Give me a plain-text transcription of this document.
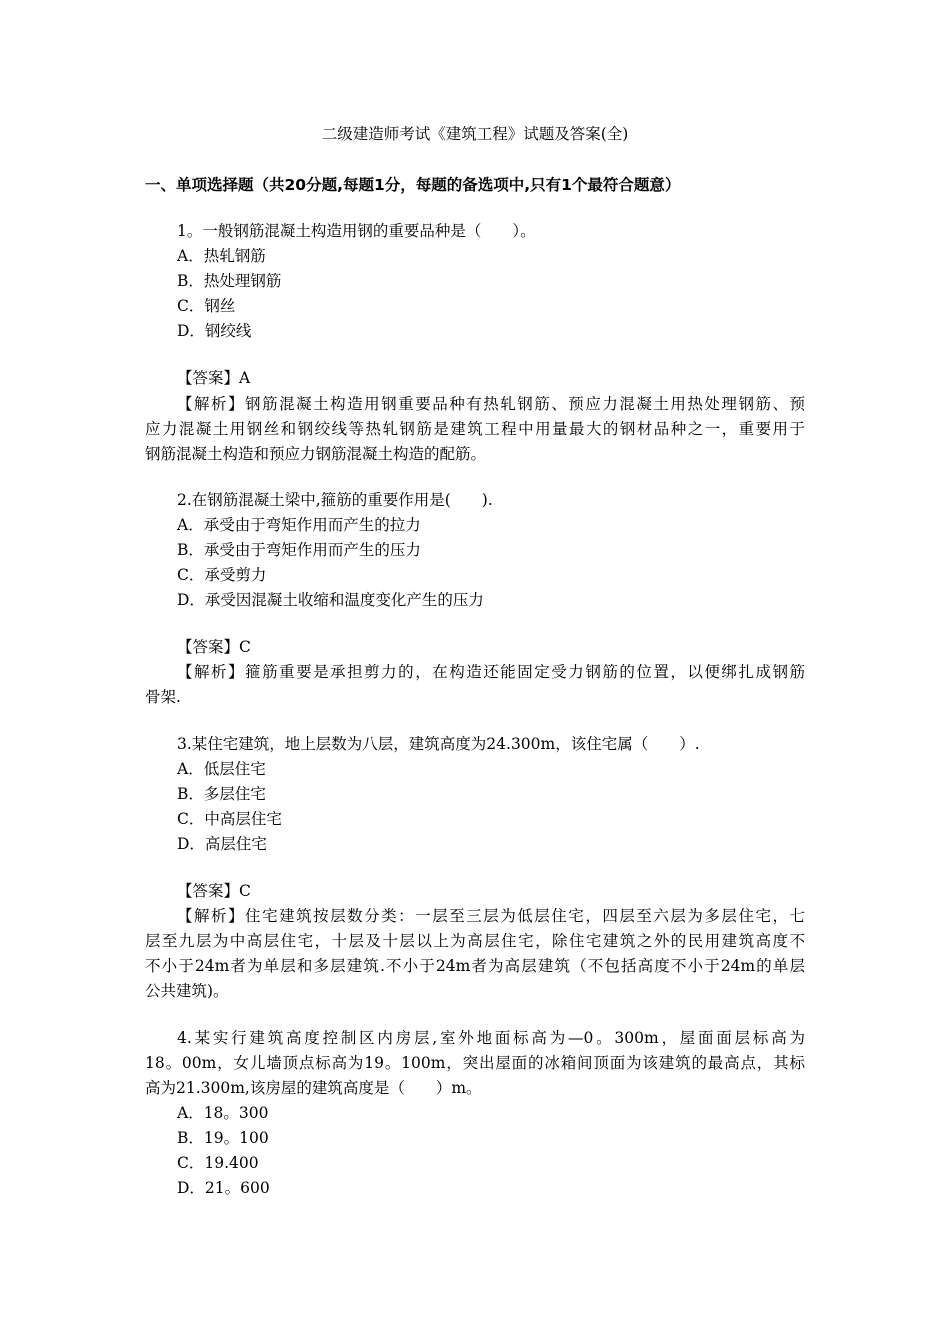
二级建造师考试《建筑工程》试题及答案(全)
一、单项选择题（共20分题,每题1分，每题的备选项中,只有1个最符合题意）
1。一般钢筋混凝土构造用钢的重要品种是（　　）。
A．热轧钢筋
B．热处理钢筋
C．钢丝
D．钢绞线
【答案】A
【解析】钢筋混凝土构造用钢重要品种有热轧钢筋、预应力混凝土用热处理钢筋、预
应力混凝土用钢丝和钢绞线等热轧钢筋是建筑工程中用量最大的钢材品种之一，重要用于
钢筋混凝土构造和预应力钢筋混凝土构造的配筋。
2.在钢筋混凝土梁中,箍筋的重要作用是(　　).
A．承受由于弯矩作用而产生的拉力
B．承受由于弯矩作用而产生的压力
C．承受剪力
D．承受因混凝土收缩和温度变化产生的压力
【答案】C
【解析】箍筋重要是承担剪力的，在构造还能固定受力钢筋的位置，以便绑扎成钢筋
骨架.
3.某住宅建筑，地上层数为八层，建筑高度为24.300m，该住宅属（　　）.
A．低层住宅
B．多层住宅
C．中高层住宅
D．高层住宅
【答案】C
【解析】住宅建筑按层数分类：一层至三层为低层住宅，四层至六层为多层住宅，七
层至九层为中高层住宅，十层及十层以上为高层住宅，除住宅建筑之外的民用建筑高度不
不小于24m者为单层和多层建筑.不小于24m者为高层建筑（不包括高度不小于24m的单层
公共建筑)。
4.某实行建筑高度控制区内房层,室外地面标高为—0。300m，屋面面层标高为
18。00m，女儿墙顶点标高为19。100m，突出屋面的冰箱间顶面为该建筑的最高点，其标
高为21.300m,该房屋的建筑高度是（　　）m。
A．18。300
B．19。100
C．19.400
D．21。600
